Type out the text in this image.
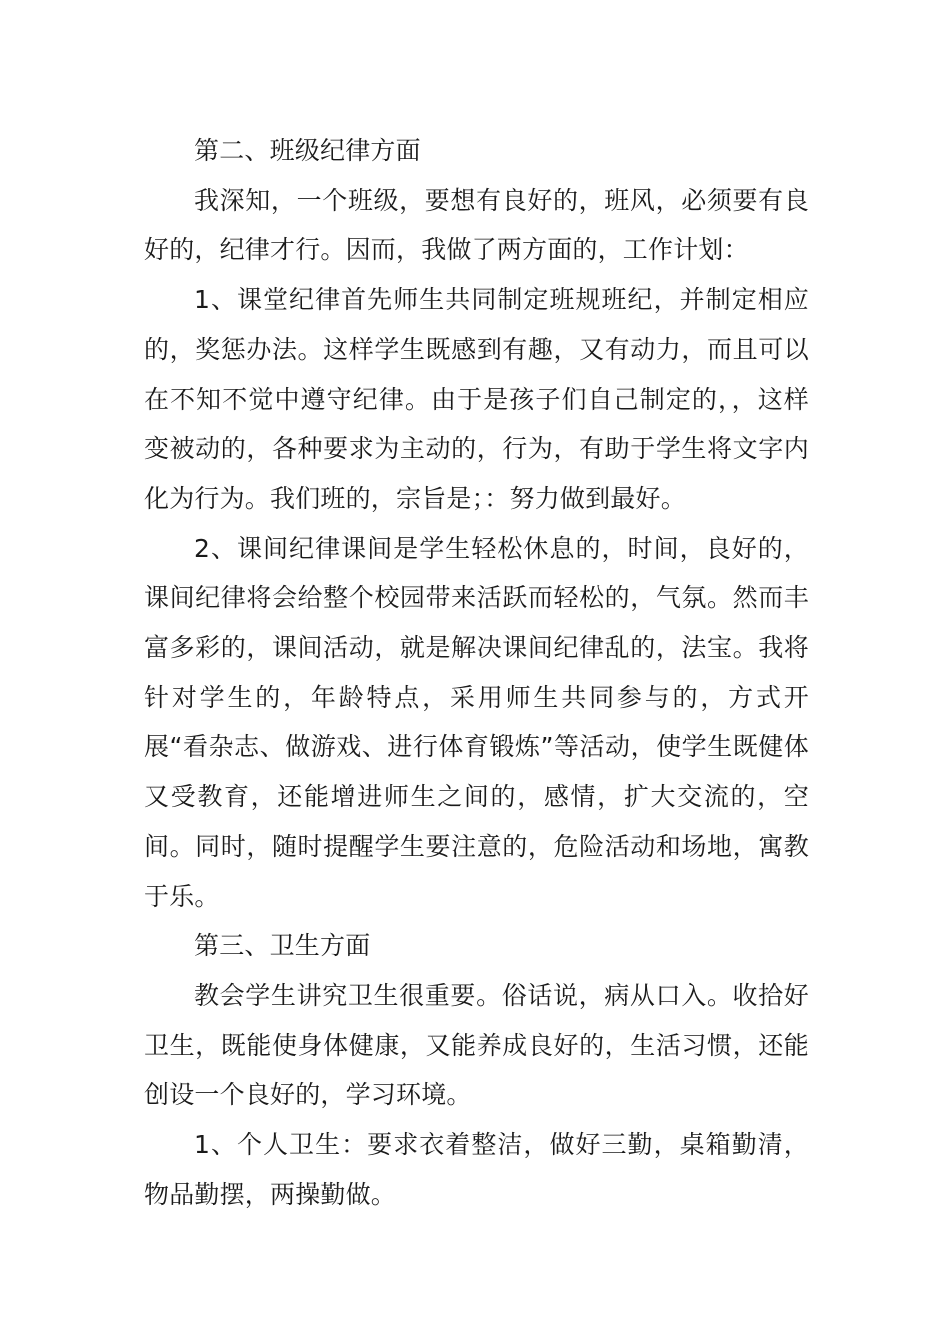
第二、班级纪律方面

我深知，一个班级，要想有良好的，班风，必须要有良好的，纪律才行。因而，我做了两方面的，工作计划：

1、课堂纪律首先师生共同制定班规班纪，并制定相应的，奖惩办法。这样学生既感到有趣，又有动力，而且可以在不知不觉中遵守纪律。由于是孩子们自己制定的，，这样变被动的，各种要求为主动的，行为，有助于学生将文字内化为行为。我们班的，宗旨是；：努力做到最好。

2、课间纪律课间是学生轻松休息的，时间，良好的，课间纪律将会给整个校园带来活跃而轻松的，气氛。然而丰富多彩的，课间活动，就是解决课间纪律乱的，法宝。我将针对学生的，年龄特点，采用师生共同参与的，方式开展“看杂志、做游戏、进行体育锻炼”等活动，使学生既健体又受教育，还能增进师生之间的，感情，扩大交流的，空间。同时，随时提醒学生要注意的，危险活动和场地，寓教于乐。

第三、卫生方面

教会学生讲究卫生很重要。俗话说，病从口入。收拾好卫生，既能使身体健康，又能养成良好的，生活习惯，还能创设一个良好的，学习环境。

1、个人卫生：要求衣着整洁，做好三勤，桌箱勤清，物品勤摆，两操勤做。
